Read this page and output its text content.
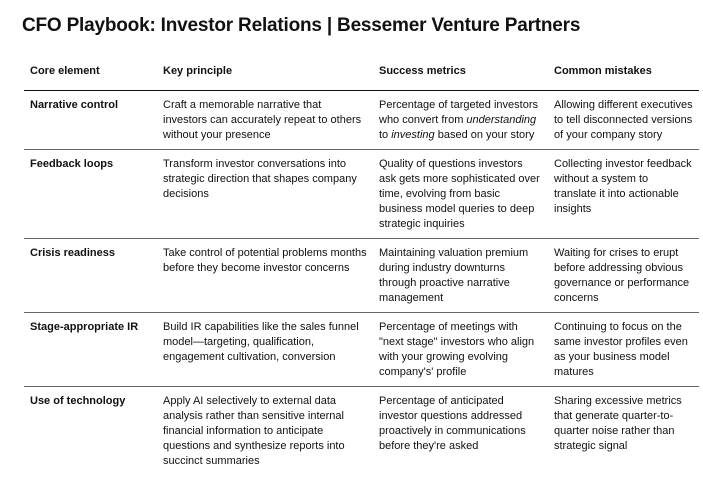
CFO Playbook: Investor Relations | Bessemer Venture Partners
Core element	Key principle	Success metrics	Common mistakes
Narrative control	Craft a memorable narrative that investors can accurately repeat to others without your presence	Percentage of targeted investors who convert from understanding to investing based on your story	Allowing different executives to tell disconnected versions of your company story
Feedback loops	Transform investor conversations into strategic direction that shapes company decisions	Quality of questions investors ask gets more sophisticated over time, evolving from basic business model queries to deep strategic inquiries	Collecting investor feedback without a system to translate it into actionable insights
Crisis readiness	Take control of potential problems months before they become investor concerns	Maintaining valuation premium during industry downturns through proactive narrative management	Waiting for crises to erupt before addressing obvious governance or performance concerns
Stage-appropriate IR	Build IR capabilities like the sales funnel model—targeting, qualification, engagement cultivation, conversion	Percentage of meetings with "next stage" investors who align with your growing evolving company's' profile	Continuing to focus on the same investor profiles even as your business model matures
Use of technology	Apply AI selectively to external data analysis rather than sensitive internal financial information to anticipate questions and synthesize reports into succinct summaries	Percentage of anticipated investor questions addressed proactively in communications before they're asked	Sharing excessive metrics that generate quarter-to-quarter noise rather than strategic signal
